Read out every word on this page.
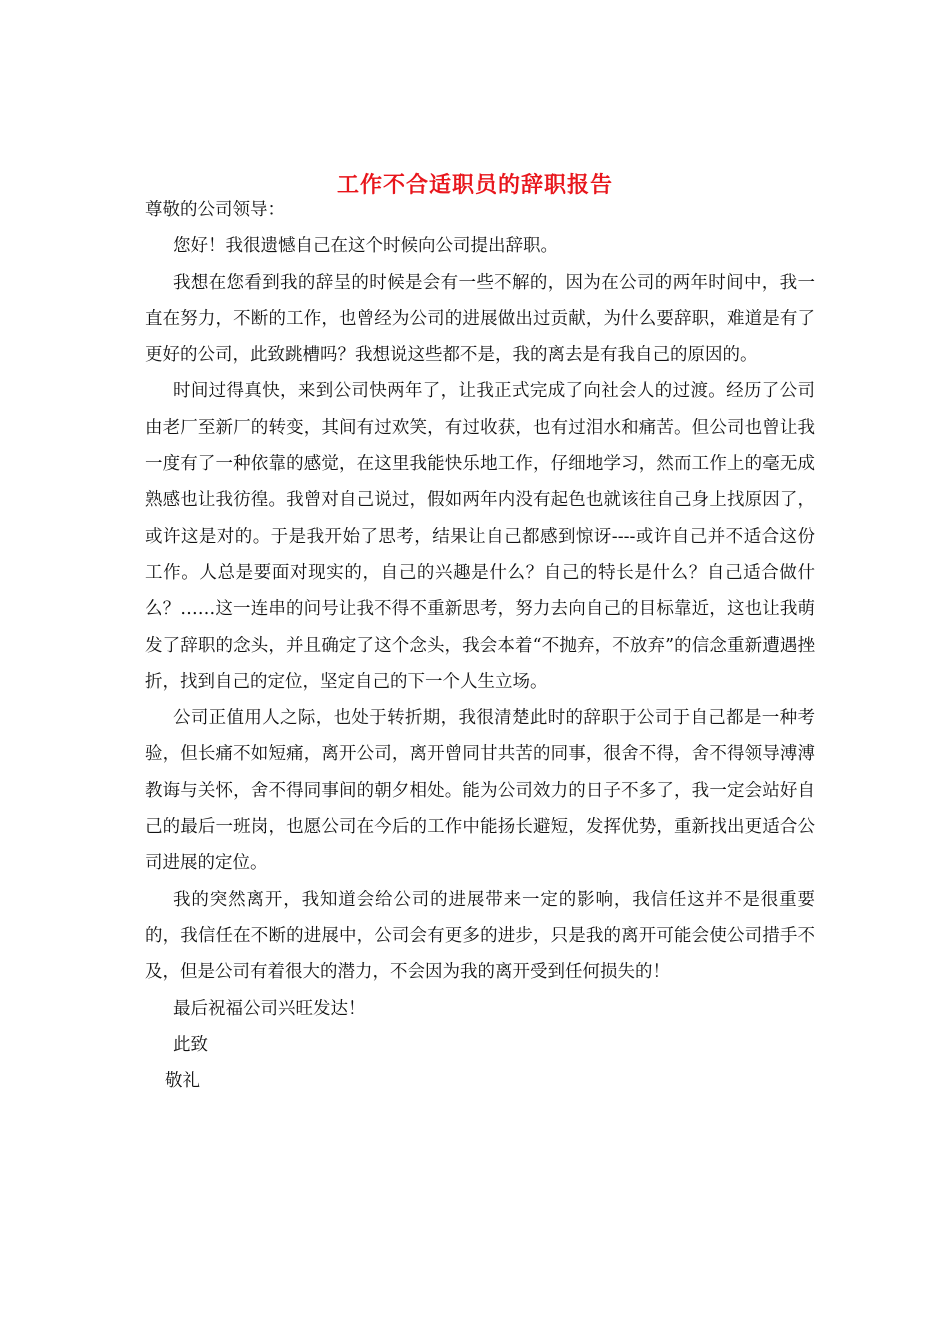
工作不合适职员的辞职报告

尊敬的公司领导：

您好！我很遗憾自己在这个时候向公司提出辞职。

我想在您看到我的辞呈的时候是会有一些不解的，因为在公司的两年时间中，我一直在努力，不断的工作，也曾经为公司的进展做出过贡献，为什么要辞职，难道是有了更好的公司，此致跳槽吗？我想说这些都不是，我的离去是有我自己的原因的。

时间过得真快，来到公司快两年了，让我正式完成了向社会人的过渡。经历了公司由老厂至新厂的转变，其间有过欢笑，有过收获，也有过泪水和痛苦。但公司也曾让我一度有了一种依靠的感觉，在这里我能快乐地工作，仔细地学习，然而工作上的毫无成熟感也让我彷徨。我曾对自己说过，假如两年内没有起色也就该往自己身上找原因了，或许这是对的。于是我开始了思考，结果让自己都感到惊讶----或许自己并不适合这份工作。人总是要面对现实的，自己的兴趣是什么？自己的特长是什么？自己适合做什么？……这一连串的问号让我不得不重新思考，努力去向自己的目标靠近，这也让我萌发了辞职的念头，并且确定了这个念头，我会本着“不抛弃，不放弃”的信念重新遭遇挫折，找到自己的定位，坚定自己的下一个人生立场。

公司正值用人之际，也处于转折期，我很清楚此时的辞职于公司于自己都是一种考验，但长痛不如短痛，离开公司，离开曾同甘共苦的同事，很舍不得，舍不得领导溥溥教诲与关怀，舍不得同事间的朝夕相处。能为公司效力的日子不多了，我一定会站好自己的最后一班岗，也愿公司在今后的工作中能扬长避短，发挥优势，重新找出更适合公司进展的定位。

我的突然离开，我知道会给公司的进展带来一定的影响，我信任这并不是很重要的，我信任在不断的进展中，公司会有更多的进步，只是我的离开可能会使公司措手不及，但是公司有着很大的潜力，不会因为我的离开受到任何损失的！

最后祝福公司兴旺发达！

此致

敬礼
